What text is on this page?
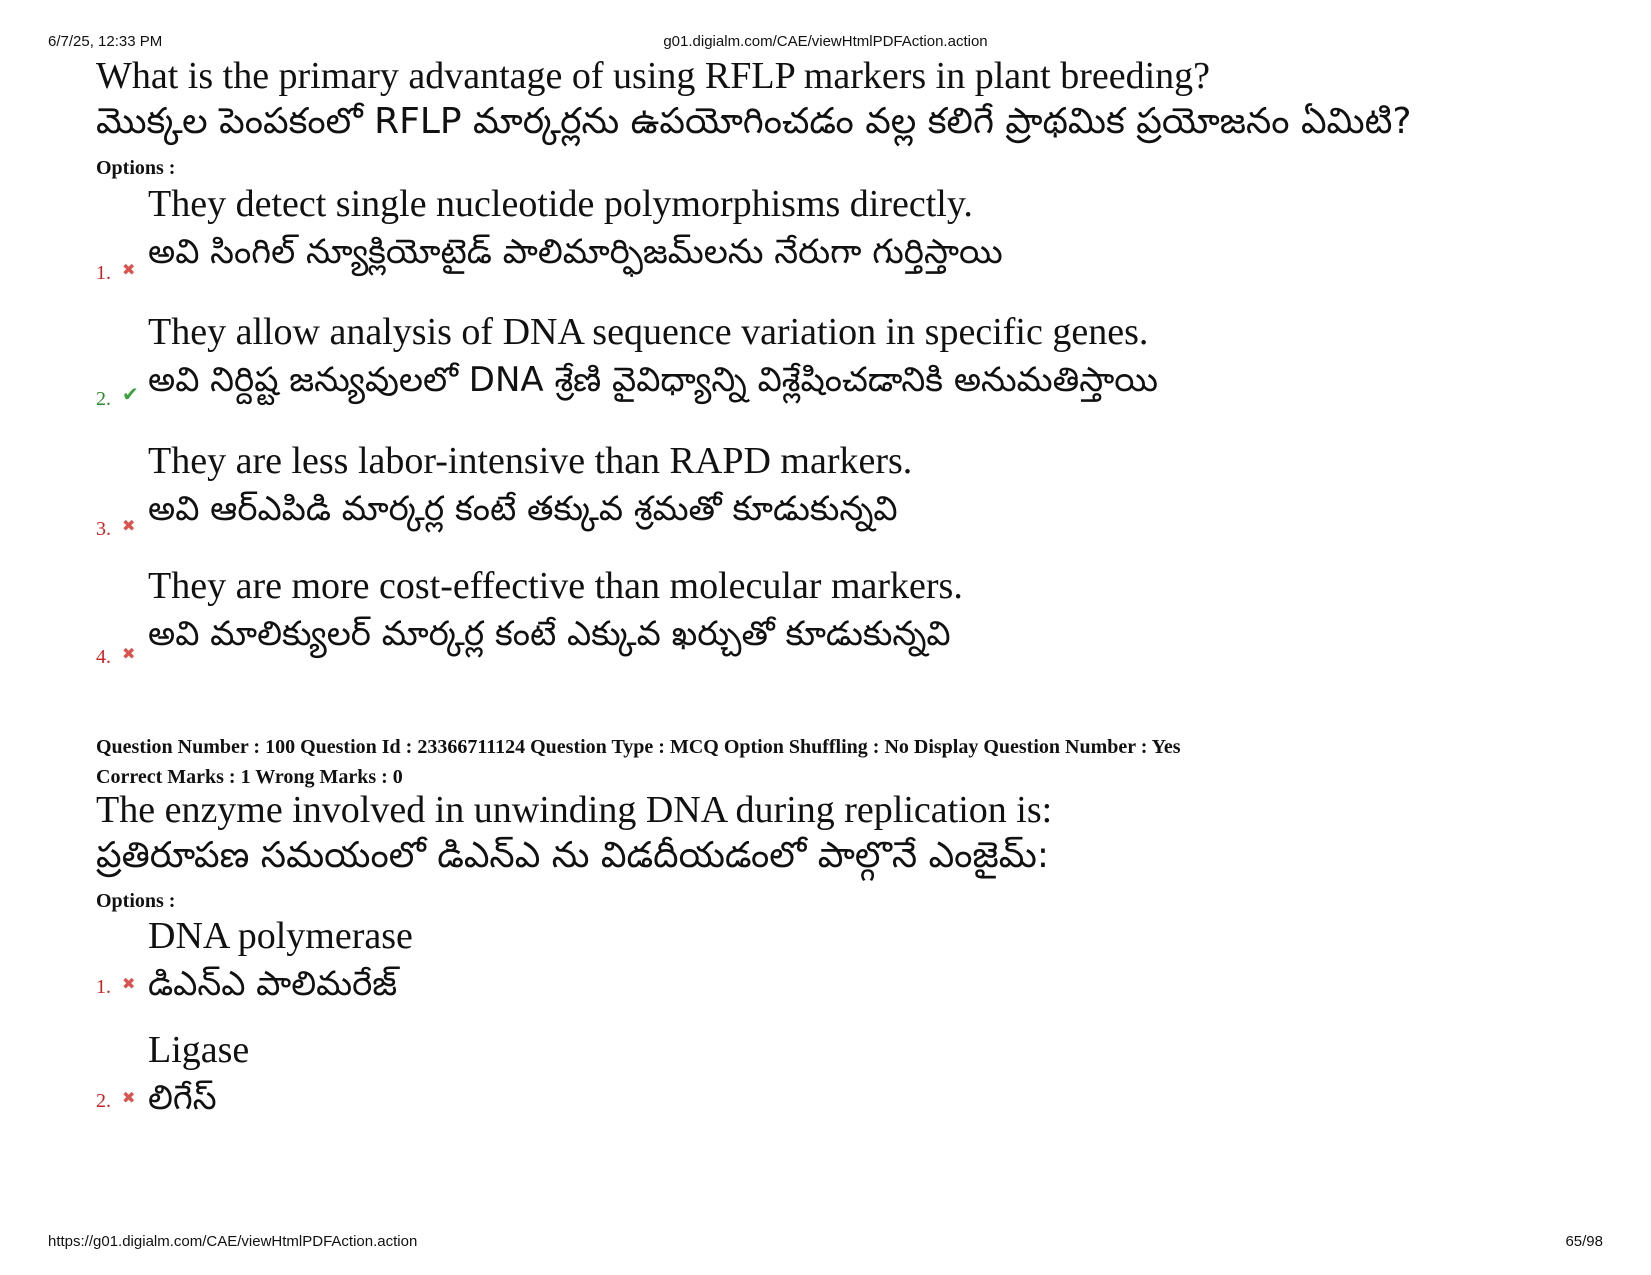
6/7/25, 12:33 PM	g01.digialm.com/CAE/viewHtmlPDFAction.action
What is the primary advantage of using RFLP markers in plant breeding?
మొక్కల పెంపకంలో RFLP మార్కర్లను ఉపయోగించడం వల్ల కలిగే ప్రాథమిక ప్రయోజనం ఏమిటి?
Options :
They detect single nucleotide polymorphisms directly.
అవి సింగిల్ న్యూక్లియోటైడ్ పాలిమార్ఫిజమ్‌లను నేరుగా గుర్తిస్తాయి
1. ✖
They allow analysis of DNA sequence variation in specific genes.
అవి నిర్దిష్ట జన్యువులలో DNA శ్రేణి వైవిధ్యాన్ని విశ్లేషించడానికి అనుమతిస్తాయి
2. ✔
They are less labor-intensive than RAPD markers.
అవి ఆర్ఎపిడి మార్కర్ల కంటే తక్కువ శ్రమతో కూడుకున్నవి
3. ✖
They are more cost-effective than molecular markers.
అవి మాలిక్యులర్ మార్కర్ల కంటే ఎక్కువ ఖర్చుతో కూడుకున్నవి
4. ✖
Question Number : 100 Question Id : 23366711124 Question Type : MCQ Option Shuffling : No Display Question Number : Yes
Correct Marks : 1 Wrong Marks : 0
The enzyme involved in unwinding DNA during replication is:
ప్రతిరూపణ సమయంలో డిఎన్ఎ ను విడదీయడంలో పాల్గొనే ఎంజైమ్:
Options :
DNA polymerase
డిఎన్ఎ పాలిమరేజ్
1. ✖
Ligase
లిగేస్
2. ✖
https://g01.digialm.com/CAE/viewHtmlPDFAction.action	65/98
